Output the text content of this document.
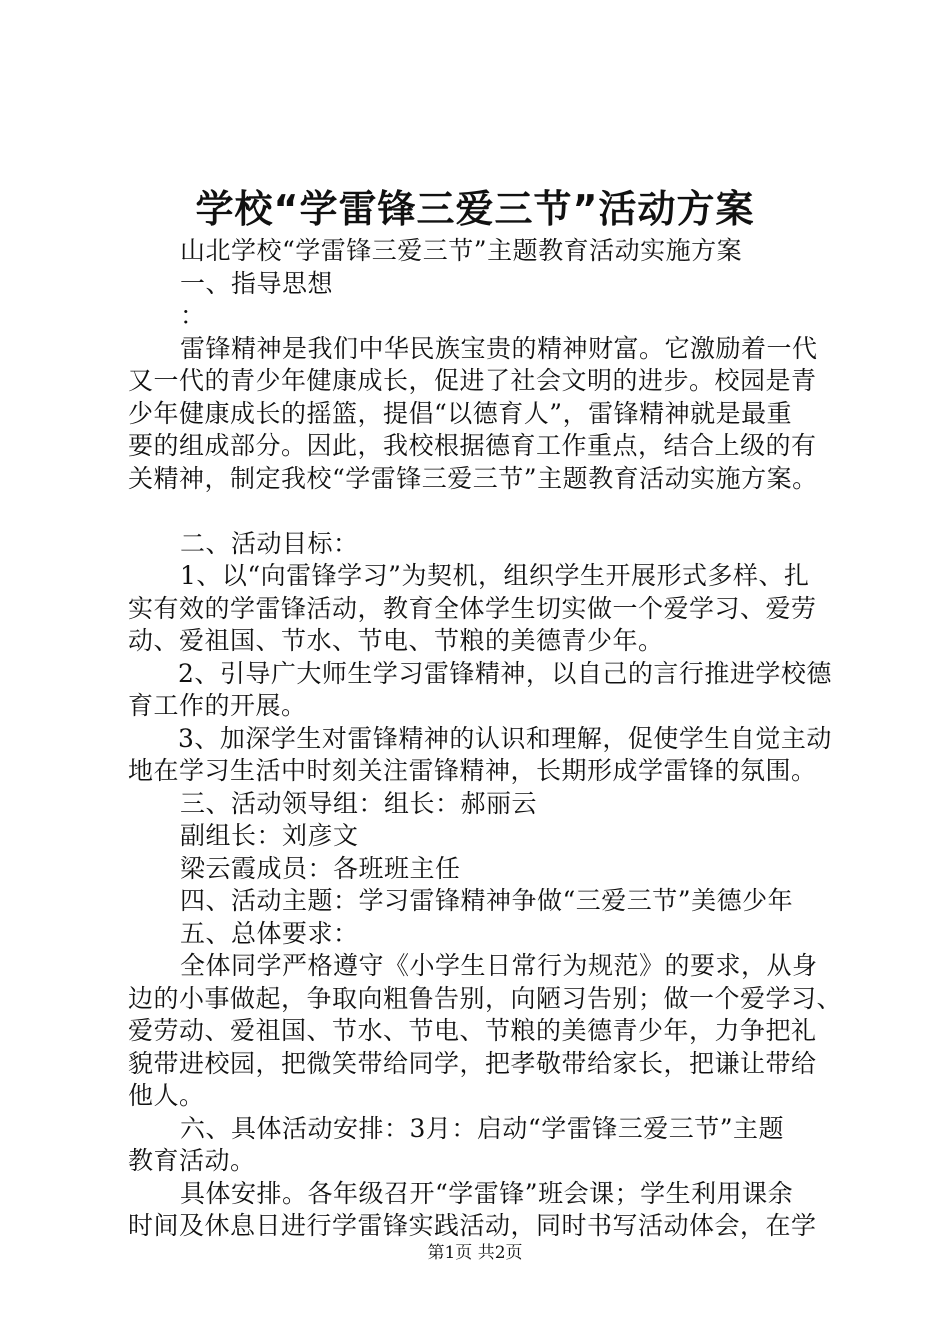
学校“学雷锋三爱三节”活动方案
山北学校“学雷锋三爱三节”主题教育活动实施方案
一、指导思想
：
雷锋精神是我们中华民族宝贵的精神财富。它激励着一代
又一代的青少年健康成长，促进了社会文明的进步。校园是青
少年健康成长的摇篮，提倡“以德育人”，雷锋精神就是最重
要的组成部分。因此，我校根据德育工作重点，结合上级的有
关精神，制定我校“学雷锋三爱三节”主题教育活动实施方案。
二、活动目标：
1、以“向雷锋学习”为契机，组织学生开展形式多样、扎
实有效的学雷锋活动，教育全体学生切实做一个爱学习、爱劳
动、爱祖国、节水、节电、节粮的美德青少年。
2、引导广大师生学习雷锋精神，以自己的言行推进学校德
育工作的开展。
3、加深学生对雷锋精神的认识和理解，促使学生自觉主动
地在学习生活中时刻关注雷锋精神，长期形成学雷锋的氛围。
三、活动领导组：组长：郝丽云
副组长：刘彦文
梁云霞成员：各班班主任
四、活动主题：学习雷锋精神争做“三爱三节”美德少年
五、总体要求：
全体同学严格遵守《小学生日常行为规范》的要求，从身
边的小事做起，争取向粗鲁告别，向陋习告别；做一个爱学习、
爱劳动、爱祖国、节水、节电、节粮的美德青少年，力争把礼
貌带进校园，把微笑带给同学，把孝敬带给家长，把谦让带给
他人。
六、具体活动安排：3月：启动“学雷锋三爱三节”主题
教育活动。
具体安排。各年级召开“学雷锋”班会课；学生利用课余
时间及休息日进行学雷锋实践活动，同时书写活动体会，在学
第1页 共2页
